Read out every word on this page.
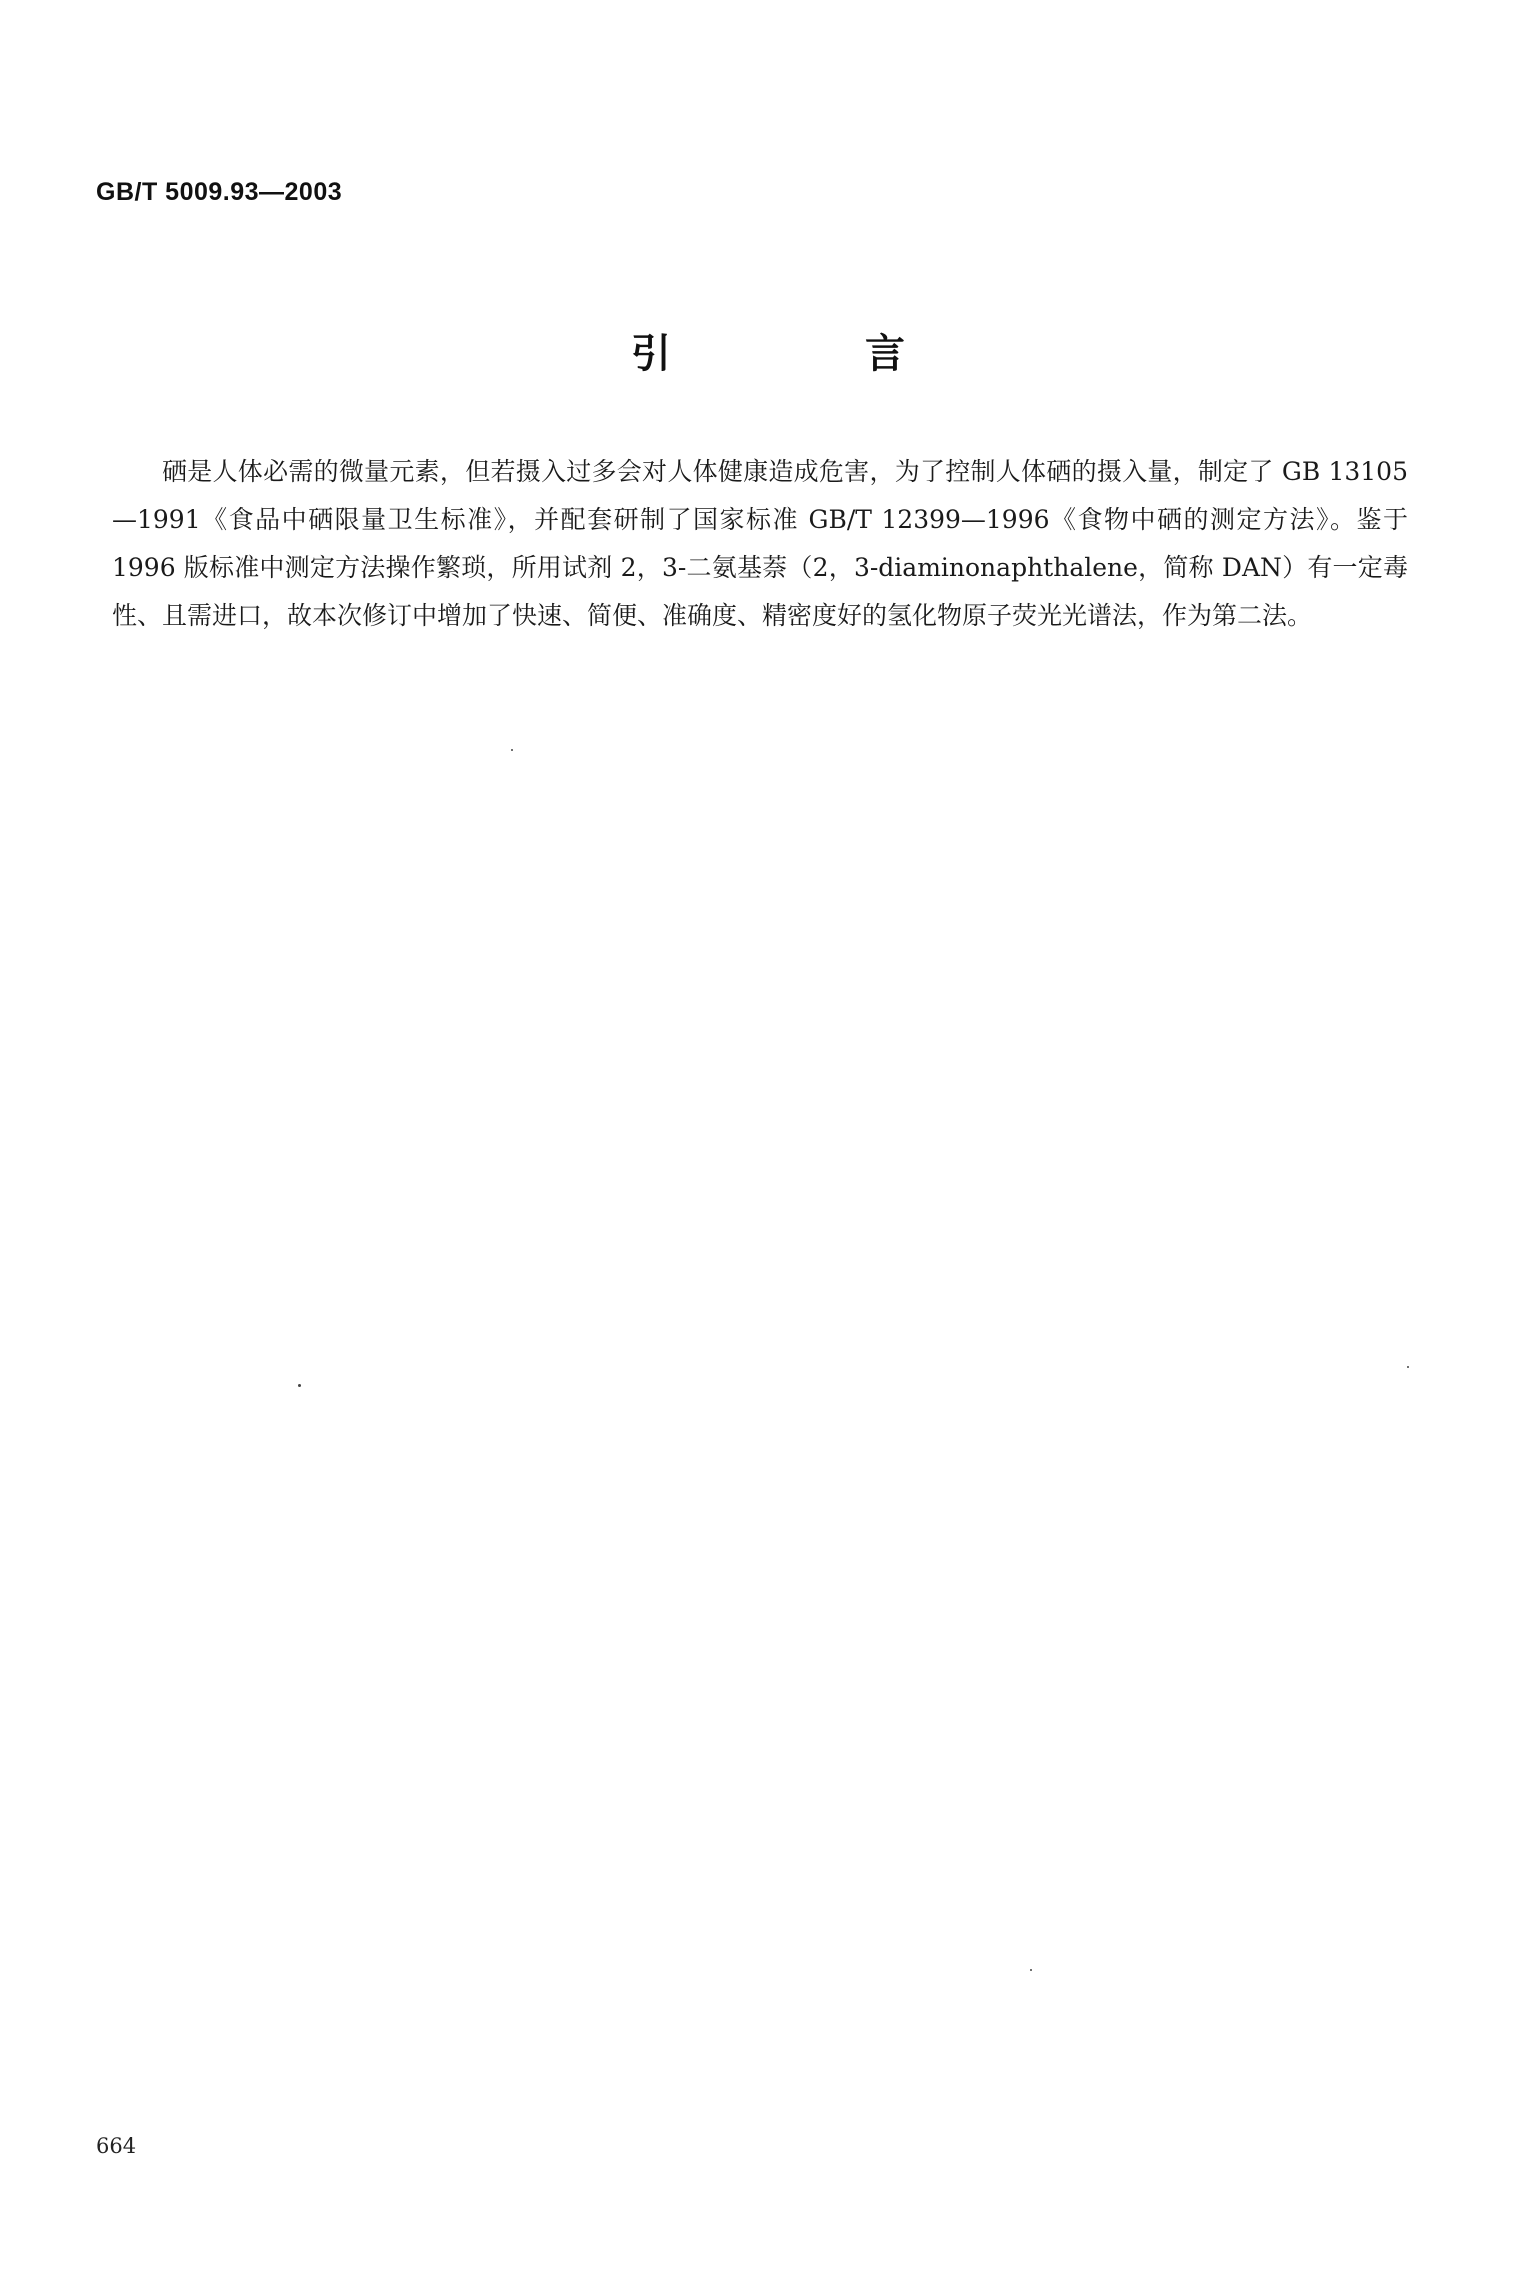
GB/T 5009.93—2003

引 言

硒是人体必需的微量元素，但若摄入过多会对人体健康造成危害，为了控制人体硒的摄入量，制定了 GB 13105—1991《食品中硒限量卫生标准》，并配套研制了国家标准 GB/T 12399—1996《食物中硒的测定方法》。鉴于 1996 版标准中测定方法操作繁琐，所用试剂 2，3-二氨基萘（2，3-diaminonaphthalene，简称 DAN）有一定毒性、且需进口，故本次修订中增加了快速、简便、准确度、精密度好的氢化物原子荧光光谱法，作为第二法。

664
